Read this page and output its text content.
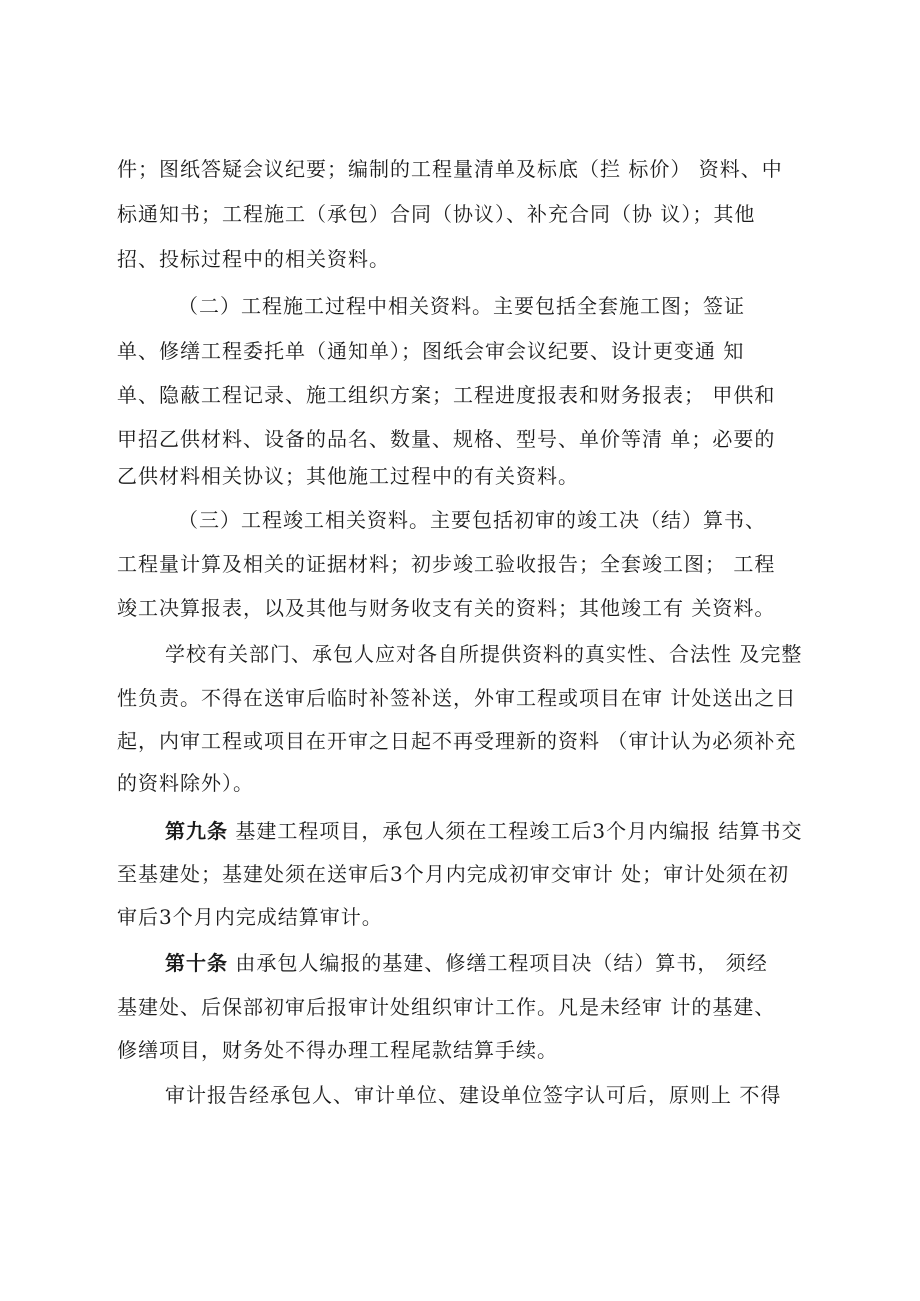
件；图纸答疑会议纪要；编制的工程量清单及标底（拦 标价） 资料、中
标通知书；工程施工（承包）合同（协议）、补充合同（协 议）；其他
招、投标过程中的相关资料。
（二）工程施工过程中相关资料。主要包括全套施工图；签证
单、修缮工程委托单（通知单）；图纸会审会议纪要、设计更变通 知
单、隐蔽工程记录、施工组织方案；工程进度报表和财务报表； 甲供和
甲招乙供材料、设备的品名、数量、规格、型号、单价等清 单；必要的
乙供材料相关协议；其他施工过程中的有关资料。
（三）工程竣工相关资料。主要包括初审的竣工决（结）算书、
工程量计算及相关的证据材料；初步竣工验收报告；全套竣工图； 工程
竣工决算报表，以及其他与财务收支有关的资料；其他竣工有 关资料。
学校有关部门、承包人应对各自所提供资料的真实性、合法性 及完整
性负责。不得在送审后临时补签补送，外审工程或项目在审 计处送出之日
起，内审工程或项目在开审之日起不再受理新的资料 （审计认为必须补充
的资料除外）。
第九条 基建工程项目，承包人须在工程竣工后3个月内编报 结算书交
至基建处；基建处须在送审后3个月内完成初审交审计 处；审计处须在初
审后3个月内完成结算审计。
第十条 由承包人编报的基建、修缮工程项目决（结）算书， 须经
基建处、后保部初审后报审计处组织审计工作。凡是未经审 计的基建、
修缮项目，财务处不得办理工程尾款结算手续。
审计报告经承包人、审计单位、建设单位签字认可后，原则上 不得
